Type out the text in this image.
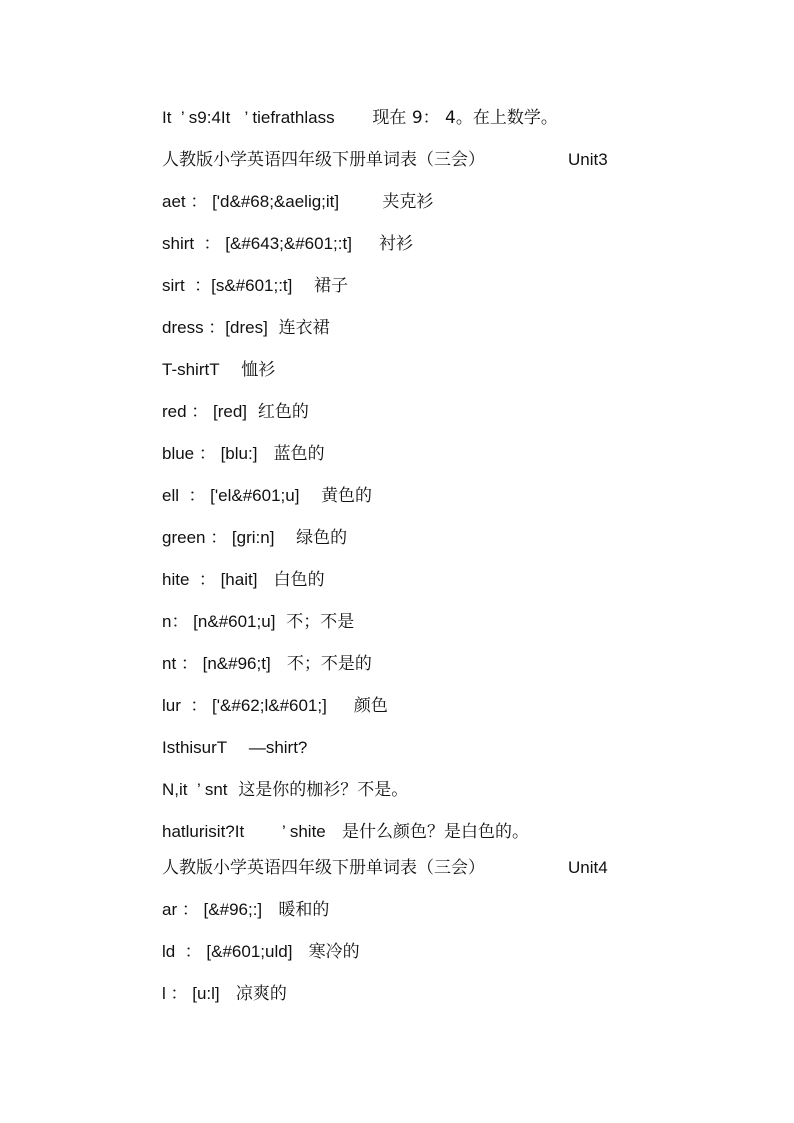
It  ’ s9:4It   ’ tiefrathlass 现在 9： 4。在上数学。
人教版小学英语四年级下册单词表（三会）	Unit3
aet ： ['d&#68;&aelig;it]	夹克衫
shirt  ： [&#643;&#601;:t] 衬衫
sirt  ：[s&#601;:t] 裙子
dress ：[dres] 连衣裙
T-shirtT 恤衫
red ： [red] 红色的
blue ： [blu:] 蓝色的
ell  ： ['el&#601;u] 黄色的
green ： [gri:n] 绿色的
hite  ： [hait] 白色的
n： [n&#601;u] 不；不是
nt ： [n&#96;t] 不；不是的
lur  ： ['&#62;l&#601;] 颜色
IsthisurT —shirt?
N,it  ’ snt 这是你的枷衫？不是。
hatlurisit?It        ’ shite 是什么颜色？是白色的。
人教版小学英语四年级下册单词表（三会）	Unit4
ar ： [&#96;:] 暖和的
ld  ： [&#601;uld] 寒冷的
l ： [u:l] 凉爽的
